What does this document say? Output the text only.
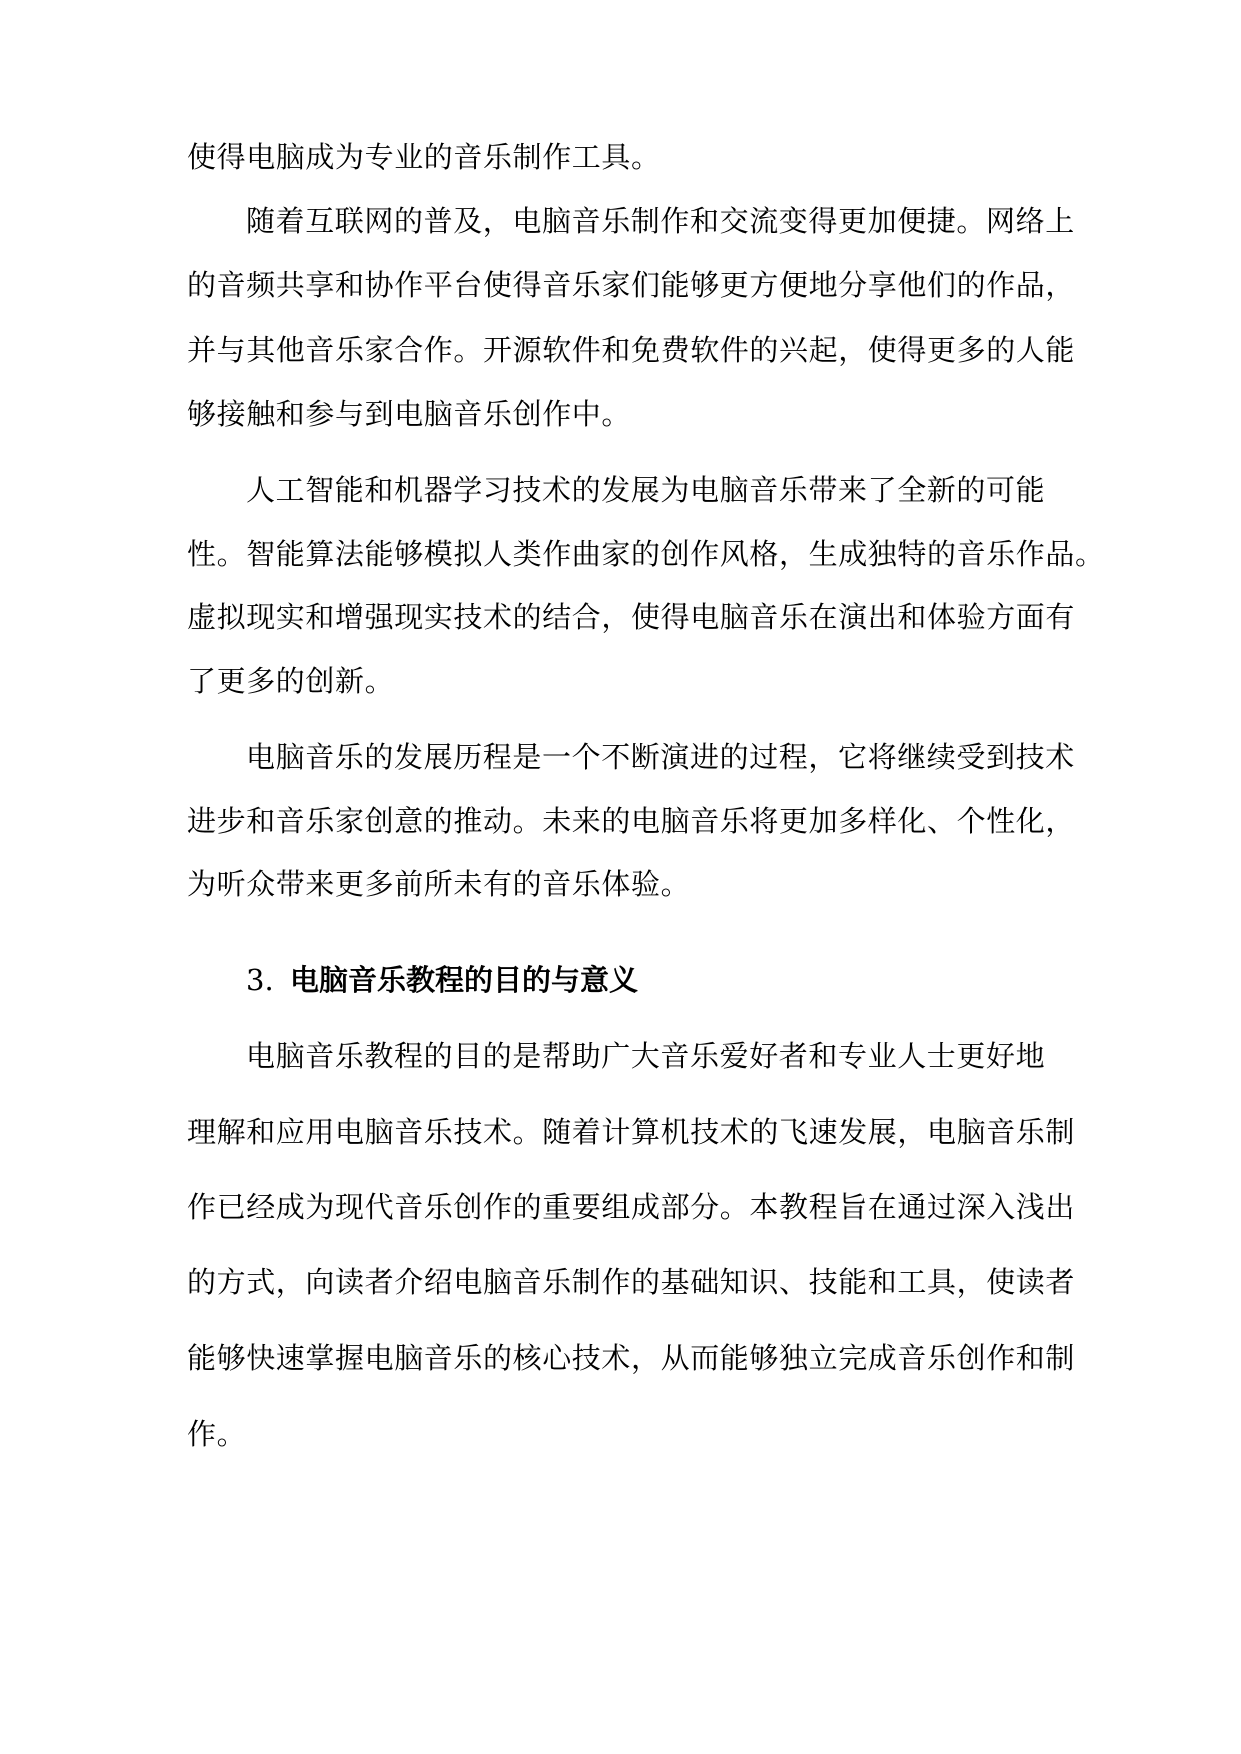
使得电脑成为专业的音乐制作工具。
随着互联网的普及，电脑音乐制作和交流变得更加便捷。网络上
的音频共享和协作平台使得音乐家们能够更方便地分享他们的作品，
并与其他音乐家合作。开源软件和免费软件的兴起，使得更多的人能
够接触和参与到电脑音乐创作中。
人工智能和机器学习技术的发展为电脑音乐带来了全新的可能
性。智能算法能够模拟人类作曲家的创作风格，生成独特的音乐作品。
虚拟现实和增强现实技术的结合，使得电脑音乐在演出和体验方面有
了更多的创新。
电脑音乐的发展历程是一个不断演进的过程，它将继续受到技术
进步和音乐家创意的推动。未来的电脑音乐将更加多样化、个性化，
为听众带来更多前所未有的音乐体验。
3. 电脑音乐教程的目的与意义
电脑音乐教程的目的是帮助广大音乐爱好者和专业人士更好地
理解和应用电脑音乐技术。随着计算机技术的飞速发展，电脑音乐制
作已经成为现代音乐创作的重要组成部分。本教程旨在通过深入浅出
的方式，向读者介绍电脑音乐制作的基础知识、技能和工具，使读者
能够快速掌握电脑音乐的核心技术，从而能够独立完成音乐创作和制
作。
